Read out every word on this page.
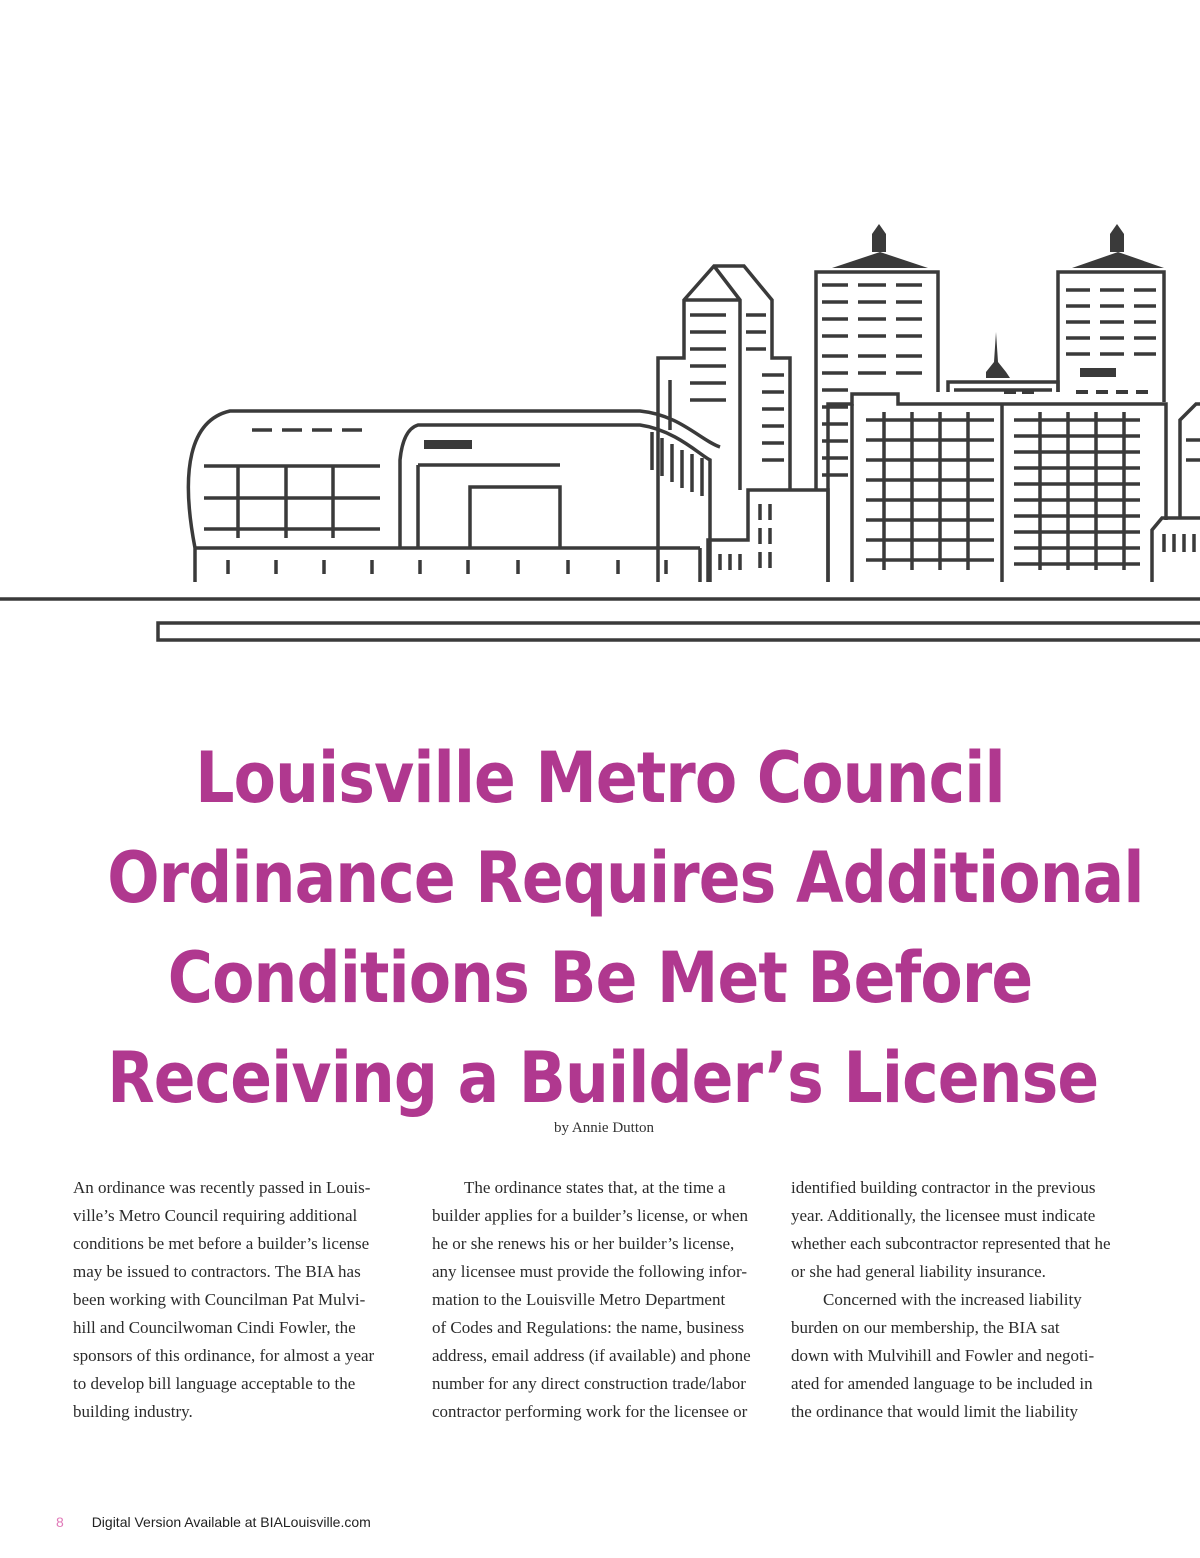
Louisville Metro Council
Ordinance Requires Additional
Conditions Be Met Before
Receiving a Builder’s License
by Annie Dutton

An ordinance was recently passed in Louis-
ville’s Metro Council requiring additional
conditions be met before a builder’s license
may be issued to contractors. The BIA has
been working with Councilman Pat Mulvi-
hill and Councilwoman Cindi Fowler, the
sponsors of this ordinance, for almost a year
to develop bill language acceptable to the
building industry.

The ordinance states that, at the time a
builder applies for a builder’s license, or when
he or she renews his or her builder’s license,
any licensee must provide the following infor-
mation to the Louisville Metro Department
of Codes and Regulations: the name, business
address, email address (if available) and phone
number for any direct construction trade/labor
contractor performing work for the licensee or

identified building contractor in the previous
year. Additionally, the licensee must indicate
whether each subcontractor represented that he
or she had general liability insurance.

Concerned with the increased liability
burden on our membership, the BIA sat
down with Mulvihill and Fowler and negoti-
ated for amended language to be included in
the ordinance that would limit the liability

8 Digital Version Available at BIALouisville.com
